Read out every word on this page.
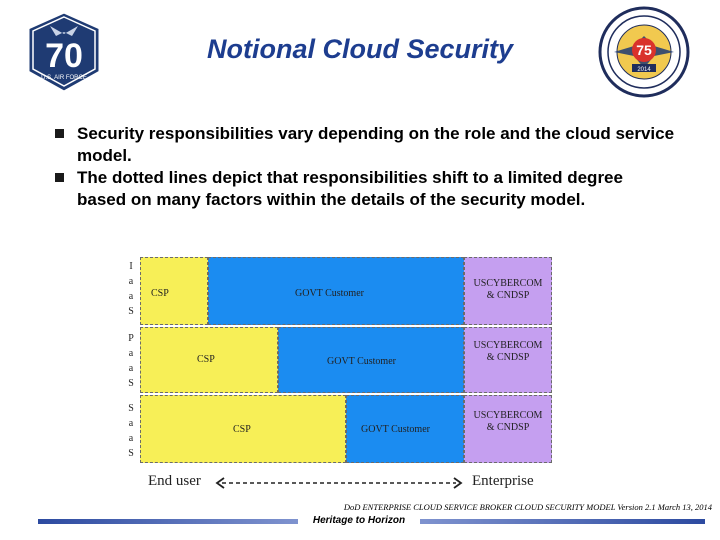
70
U.S. AIR FORCE
Notional Cloud Security	75
2014
Security responsibilities vary depending on the role and the cloud service model.
The dotted lines depict that responsibilities shift to a limited degree based on many factors within the details of the security model.
I
a
a
S
P
a
a
S
S
a
a
S
CSP	GOVT Customer
USCYBERCOM & CNDSP
CSP	GOVT Customer
USCYBERCOM & CNDSP
CSP	GOVT Customer
USCYBERCOM & CNDSP
End user	Enterprise
DoD ENTERPRISE CLOUD SERVICE BROKER CLOUD SECURITY MODEL Version 2.1 March 13, 2014
Heritage to Horizon
